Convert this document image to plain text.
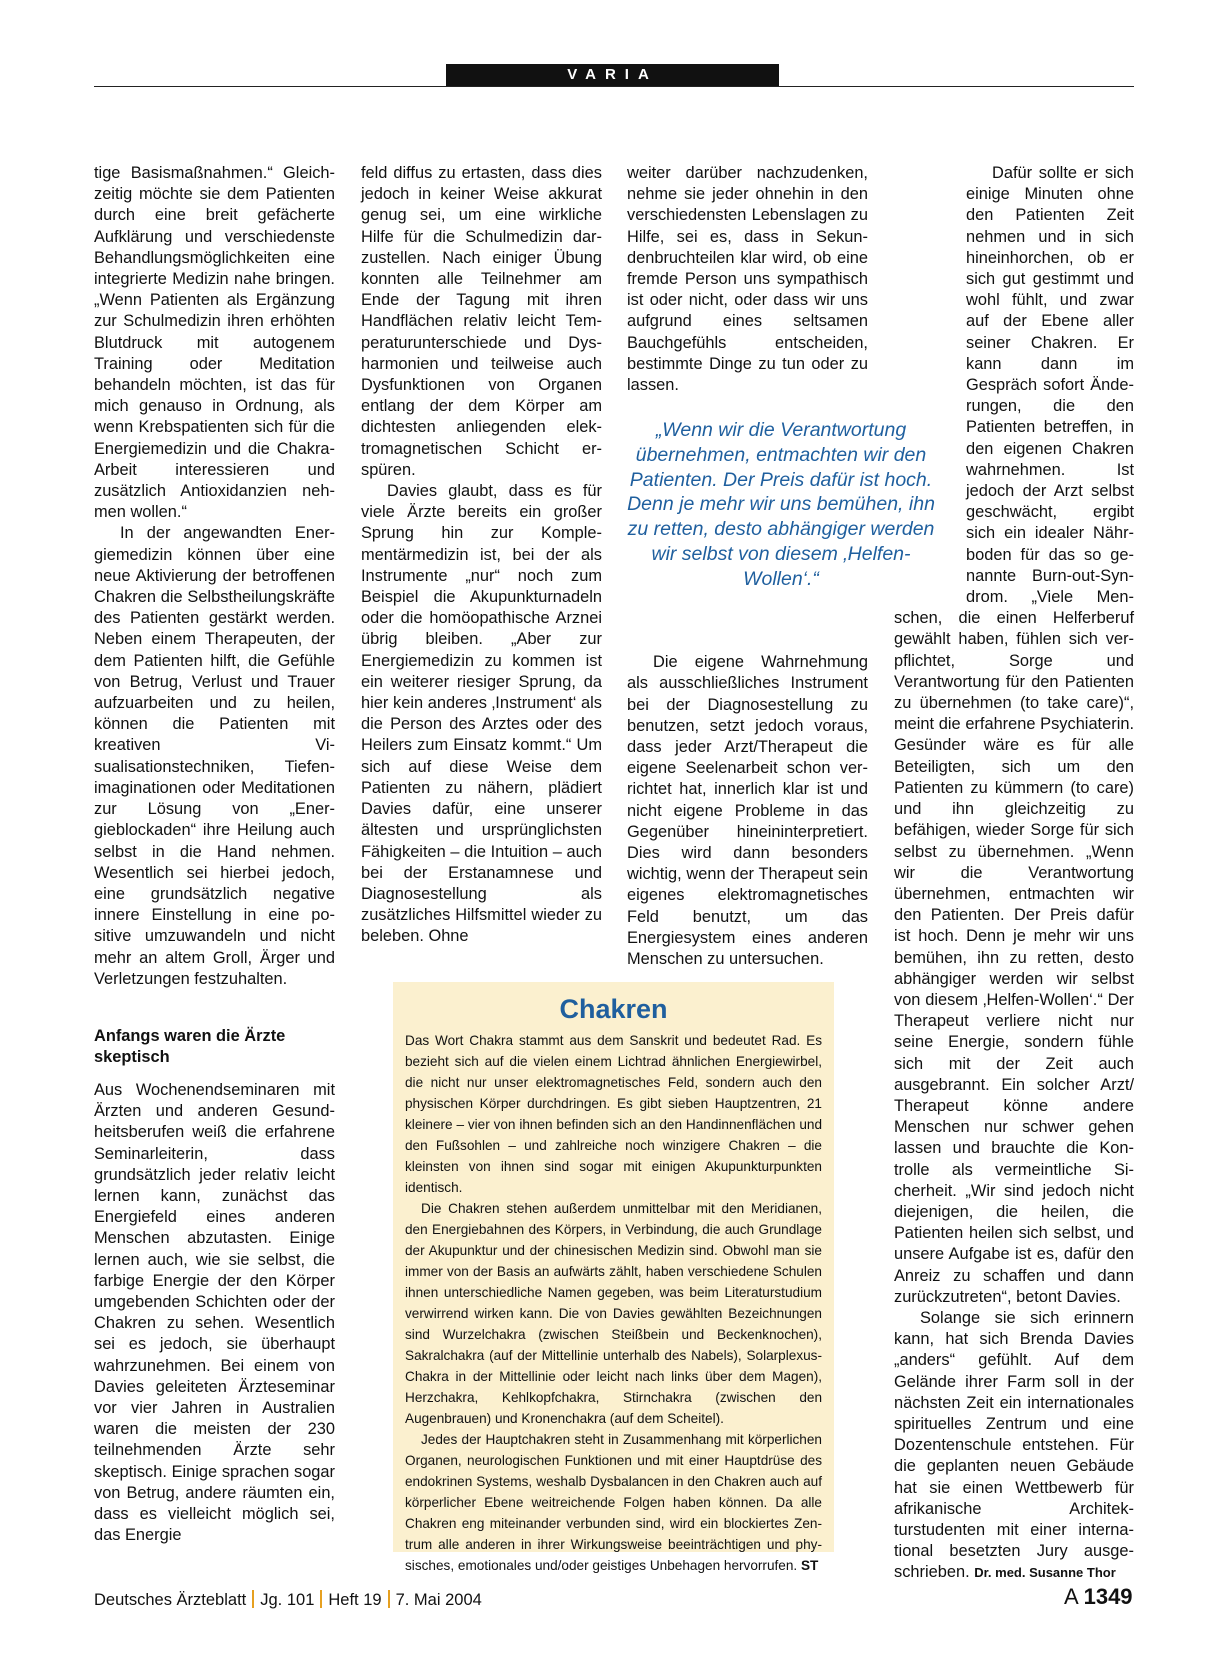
VARIA

tige Basismaßnahmen.“ Gleichzeitig möchte sie dem Patienten durch eine breit gefächerte Aufklärung und verschiedenste Behandlungsmöglichkeiten eine integrierte Medizin nahe bringen. „Wenn Patienten als Ergänzung zur Schulmedizin ihren erhöhten Blutdruck mit autogenem Training oder Meditation behandeln möchten, ist das für mich genauso in Ordnung, als wenn Krebspatienten sich für die Energiemedizin und die Chakra-Arbeit interessieren und zusätzlich Antioxidanzien nehmen wollen.“

In der angewandten Energiemedizin können über eine neue Aktivierung der betroffenen Chakren die Selbstheilungskräfte des Patienten gestärkt werden. Neben einem Therapeuten, der dem Patienten hilft, die Gefühle von Betrug, Verlust und Trauer aufzuarbeiten und zu heilen, können die Patienten mit kreativen Visualisationstechniken, Tiefenimaginationen oder Meditationen zur Lösung von „Energieblockaden“ ihre Heilung auch selbst in die Hand nehmen. Wesentlich sei hierbei jedoch, eine grundsätzlich negative innere Einstellung in eine positive umzuwandeln und nicht mehr an altem Groll, Ärger und Verletzungen festzuhalten.

Anfangs waren die Ärzte skeptisch

Aus Wochenendseminaren mit Ärzten und anderen Gesundheitsberufen weiß die erfahrene Seminarleiterin, dass grundsätzlich jeder relativ leicht lernen kann, zunächst das Energiefeld eines anderen Menschen abzutasten. Einige lernen auch, wie sie selbst, die farbige Energie der den Körper umgebenden Schichten oder der Chakren zu sehen. Wesentlich sei es jedoch, sie überhaupt wahrzunehmen. Bei einem von Davies geleiteten Ärzteseminar vor vier Jahren in Australien waren die meisten der 230 teilnehmenden Ärzte sehr skeptisch. Einige sprachen sogar von Betrug, andere räumten ein, dass es vielleicht möglich sei, das Energie

feld diffus zu ertasten, dass dies jedoch in keiner Weise akkurat genug sei, um eine wirkliche Hilfe für die Schulmedizin darzustellen. Nach einiger Übung konnten alle Teilnehmer am Ende der Tagung mit ihren Handflächen relativ leicht Temperaturunterschiede und Dysharmonien und teilweise auch Dysfunktionen von Organen entlang der dem Körper am dichtesten anliegenden elektromagnetischen Schicht erspüren.

Davies glaubt, dass es für viele Ärzte bereits ein großer Sprung hin zur Komplementärmedizin ist, bei der als Instrumente „nur“ noch zum Beispiel die Akupunkturnadeln oder die homöopathische Arznei übrig bleiben. „Aber zur Energiemedizin zu kommen ist ein weiterer riesiger Sprung, da hier kein anderes ‚Instrument‘ als die Person des Arztes oder des Heilers zum Einsatz kommt.“ Um sich auf diese Weise dem Patienten zu nähern, plädiert Davies dafür, eine unserer ältesten und ursprünglichsten Fähigkeiten – die Intuition – auch bei der Erstanamnese und Diagnosestellung als zusätzliches Hilfsmittel wieder zu beleben. Ohne

weiter darüber nachzudenken, nehme sie jeder ohnehin in den verschiedensten Lebenslagen zu Hilfe, sei es, dass in Sekundenbruchteilen klar wird, ob eine fremde Person uns sympathisch ist oder nicht, oder dass wir uns aufgrund eines seltsamen Bauchgefühls entscheiden, bestimmte Dinge zu tun oder zu lassen.

Die eigene Wahrnehmung als ausschließliches Instrument bei der Diagnosestellung zu benutzen, setzt jedoch voraus, dass jeder Arzt/Therapeut die eigene Seelenarbeit schon verrichtet hat, innerlich klar ist und nicht eigene Probleme in das Gegenüber hineininterpretiert. Dies wird dann besonders wichtig, wenn der Therapeut sein eigenes elektromagnetisches Feld benutzt, um das Energiesystem eines anderen Menschen zu untersuchen.

„Wenn wir die Verantwortung übernehmen, entmachten wir den Patienten. Der Preis dafür ist hoch. Denn je mehr wir uns bemühen, ihn zu retten, desto abhängiger werden wir selbst von diesem ‚Helfen-Wollen‘.“

Dafür sollte er sich einige Minuten ohne den Patienten Zeit nehmen und in sich hineinhorchen, ob er sich gut gestimmt und wohl fühlt, und zwar auf der Ebene aller seiner Chakren. Er kann dann im Gespräch sofort Änderungen, die den Patienten betreffen, in den eigenen Chakren wahrnehmen. Ist jedoch der Arzt selbst geschwächt, ergibt sich ein idealer Nährboden für das so genannte Burn-out-Syndrom. „Viele Menschen, die einen Helferberuf gewählt haben, fühlen sich verpflichtet, Sorge und Verantwortung für den Patienten zu übernehmen (to take care)“, meint die erfahrene Psychiaterin. Gesünder wäre es für alle Beteiligten, sich um den Patienten zu kümmern (to care) und ihn gleichzeitig zu befähigen, wieder Sorge für sich selbst zu übernehmen. „Wenn wir die Verantwortung übernehmen, entmachten wir den Patienten. Der Preis dafür ist hoch. Denn je mehr wir uns bemühen, ihn zu retten, desto abhängiger werden wir selbst von diesem ‚Helfen-Wollen‘.“ Der Therapeut verliere nicht nur seine Energie, sondern fühle sich mit der Zeit auch ausgebrannt. Ein solcher Arzt/ Therapeut könne andere Menschen nur schwer gehen lassen und brauchte die Kontrolle als vermeintliche Sicherheit. „Wir sind jedoch nicht diejenigen, die heilen, die Patienten heilen sich selbst, und unsere Aufgabe ist es, dafür den Anreiz zu schaffen und dann zurückzutreten“, betont Davies.

Solange sie sich erinnern kann, hat sich Brenda Davies „anders“ gefühlt. Auf dem Gelände ihrer Farm soll in der nächsten Zeit ein internationales spirituelles Zentrum und eine Dozentenschule entstehen. Für die geplanten neuen Gebäude hat sie einen Wettbewerb für afrikanische Architekturstudenten mit einer international besetzten Jury ausgeschrieben. Dr. med. Susanne Thor

Chakren

Das Wort Chakra stammt aus dem Sanskrit und bedeutet Rad. Es bezieht sich auf die vielen einem Lichtrad ähnlichen Energiewirbel, die nicht nur unser elektromagnetisches Feld, sondern auch den physischen Körper durchdringen. Es gibt sieben Hauptzentren, 21 kleinere – vier von ihnen befinden sich an den Handinnenflächen und den Fußsohlen – und zahlreiche noch winzigere Chakren – die kleinsten von ihnen sind sogar mit einigen Akupunkturpunkten identisch.

Die Chakren stehen außerdem unmittelbar mit den Meridianen, den Energiebahnen des Körpers, in Verbindung, die auch Grundlage der Akupunktur und der chinesischen Medizin sind. Obwohl man sie immer von der Basis an aufwärts zählt, haben verschiedene Schulen ihnen unterschiedliche Namen gegeben, was beim Literaturstudium verwirrend wirken kann. Die von Davies gewählten Bezeichnungen sind Wurzelchakra (zwischen Steißbein und Beckenknochen), Sakralchakra (auf der Mittellinie unterhalb des Nabels), Solarplexus-Chakra in der Mittellinie oder leicht nach links über dem Magen), Herzchakra, Kehlkopfchakra, Stirnchakra (zwischen den Augenbrauen) und Kronenchakra (auf dem Scheitel).

Jedes der Hauptchakren steht in Zusammenhang mit körperlichen Organen, neurologischen Funktionen und mit einer Hauptdrüse des endokrinen Systems, weshalb Dysbalancen in den Chakren auch auf körperlicher Ebene weitreichende Folgen haben können. Da alle Chakren eng miteinander verbunden sind, wird ein blockiertes Zentrum alle anderen in ihrer Wirkungsweise beeinträchtigen und physisches, emotionales und/oder geistiges Unbehagen hervorrufen. ST

Deutsches Ärzteblatt Jg. 101 Heft 19 7. Mai 2004	A 1349
